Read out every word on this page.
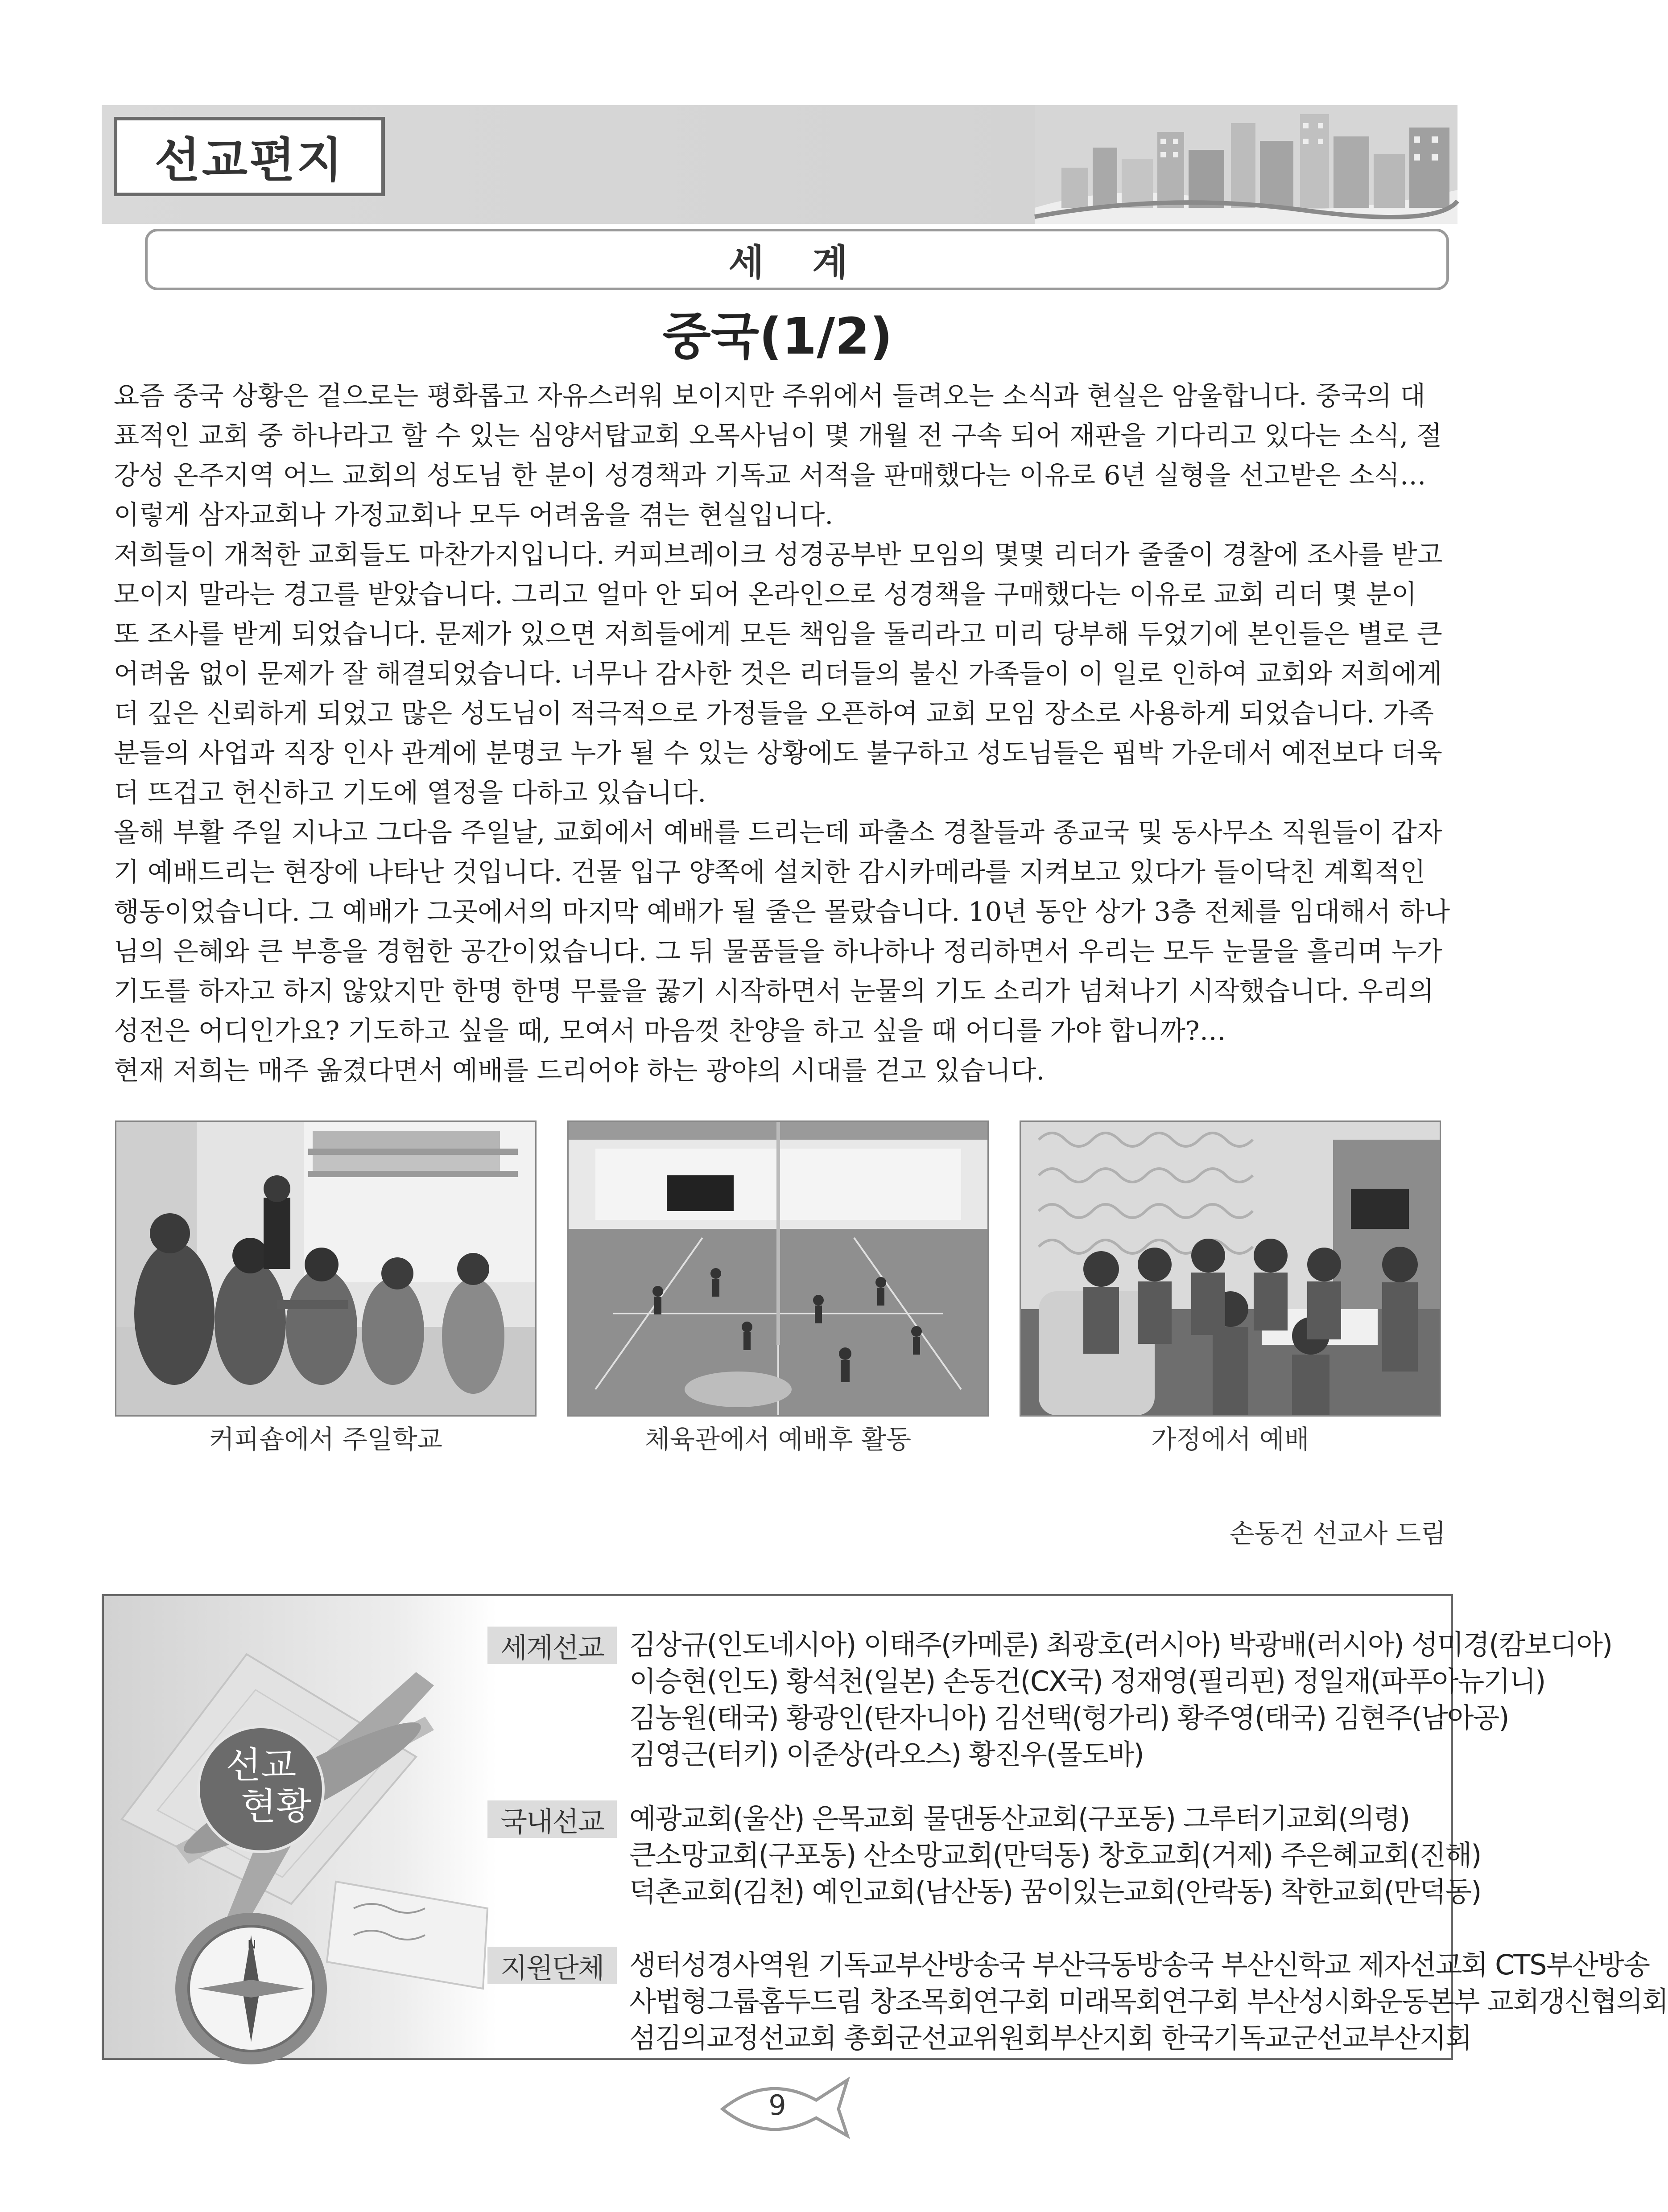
선교편지
세 계
중국(1/2)
요즘 중국 상황은 겉으로는 평화롭고 자유스러워 보이지만 주위에서 들려오는 소식과 현실은 암울합니다. 중국의 대
표적인 교회 중 하나라고 할 수 있는 심양서탑교회 오목사님이 몇 개월 전 구속 되어 재판을 기다리고 있다는 소식, 절
강성 온주지역 어느 교회의 성도님 한 분이 성경책과 기독교 서적을 판매했다는 이유로 6년 실형을 선고받은 소식…
이렇게 삼자교회나 가정교회나 모두 어려움을 겪는 현실입니다.
저희들이 개척한 교회들도 마찬가지입니다. 커피브레이크 성경공부반 모임의 몇몇 리더가 줄줄이 경찰에 조사를 받고
모이지 말라는 경고를 받았습니다. 그리고 얼마 안 되어 온라인으로 성경책을 구매했다는 이유로 교회 리더 몇 분이
또 조사를 받게 되었습니다. 문제가 있으면 저희들에게 모든 책임을 돌리라고 미리 당부해 두었기에 본인들은 별로 큰
어려움 없이 문제가 잘 해결되었습니다. 너무나 감사한 것은 리더들의 불신 가족들이 이 일로 인하여 교회와 저희에게
더 깊은 신뢰하게 되었고 많은 성도님이 적극적으로 가정들을 오픈하여 교회 모임 장소로 사용하게 되었습니다. 가족
분들의 사업과 직장 인사 관계에 분명코 누가 될 수 있는 상황에도 불구하고 성도님들은 핍박 가운데서 예전보다 더욱
더 뜨겁고 헌신하고 기도에 열정을 다하고 있습니다.
올해 부활 주일 지나고 그다음 주일날, 교회에서 예배를 드리는데 파출소 경찰들과 종교국 및 동사무소 직원들이 갑자
기 예배드리는 현장에 나타난 것입니다. 건물 입구 양쪽에 설치한 감시카메라를 지켜보고 있다가 들이닥친 계획적인
행동이었습니다. 그 예배가 그곳에서의 마지막 예배가 될 줄은 몰랐습니다. 10년 동안 상가 3층 전체를 임대해서 하나
님의 은혜와 큰 부흥을 경험한 공간이었습니다. 그 뒤 물품들을 하나하나 정리하면서 우리는 모두 눈물을 흘리며 누가
기도를 하자고 하지 않았지만 한명 한명 무릎을 꿇기 시작하면서 눈물의 기도 소리가 넘쳐나기 시작했습니다. 우리의
성전은 어디인가요? 기도하고 싶을 때, 모여서 마음껏 찬양을 하고 싶을 때 어디를 가야 합니까?…
현재 저희는 매주 옮겼다면서 예배를 드리어야 하는 광야의 시대를 걷고 있습니다.
커피숍에서 주일학교	체육관에서 예배후 활동	가정에서 예배
손동건 선교사 드림
N
세계선교 김상규(인도네시아) 이태주(카메룬) 최광호(러시아) 박광배(러시아) 성미경(캄보디아)
이승현(인도) 황석천(일본) 손동건(CX국) 정재영(필리핀) 정일재(파푸아뉴기니)
김농원(태국) 황광인(탄자니아) 김선택(헝가리) 황주영(태국) 김현주(남아공)
김영근(터키) 이준상(라오스) 황진우(몰도바)
국내선교 예광교회(울산) 은목교회 물댄동산교회(구포동) 그루터기교회(의령)
큰소망교회(구포동) 산소망교회(만덕동) 창호교회(거제) 주은혜교회(진해)
덕촌교회(김천) 예인교회(남산동) 꿈이있는교회(안락동) 착한교회(만덕동)
지원단체 생터성경사역원 기독교부산방송국 부산극동방송국 부산신학교 제자선교회 CTS부산방송
사법형그룹홈두드림 창조목회연구회 미래목회연구회 부산성시화운동본부 교회갱신협의회
섬김의교정선교회 총회군선교위원회부산지회 한국기독교군선교부산지회
선교
현황
9
